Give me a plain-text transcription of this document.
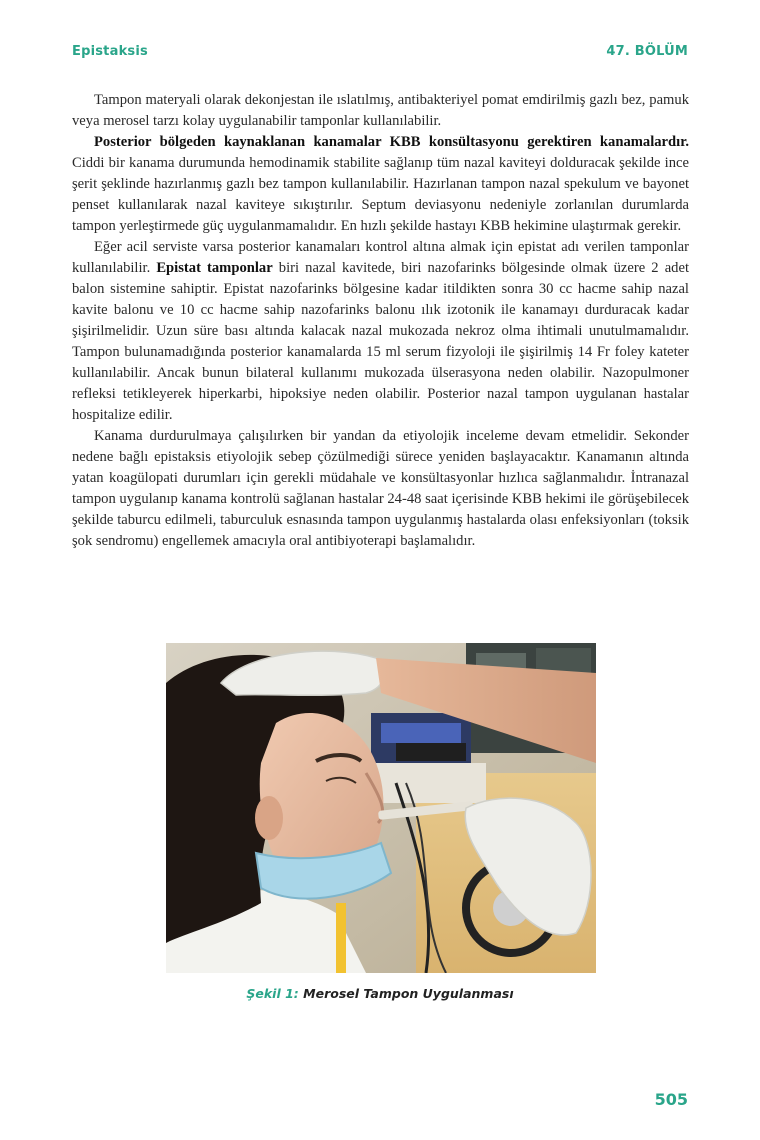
Epistaksis	47. BÖLÜM

Tampon materyali olarak dekonjestan ile ıslatılmış, antibakteriyel pomat emdirilmiş gazlı bez, pamuk veya merosel tarzı kolay uygulanabilir tamponlar kullanılabilir.

Posterior bölgeden kaynaklanan kanamalar KBB konsültasyonu gerektiren kanamalardır. Ciddi bir kanama durumunda hemodinamik stabilite sağlanıp tüm nazal kaviteyi dolduracak şekilde ince şerit şeklinde hazırlanmış gazlı bez tampon kullanılabilir. Hazırlanan tampon nazal spekulum ve bayonet penset kullanılarak nazal kaviteye sıkıştırılır. Septum deviasyonu nedeniyle zorlanılan durumlarda tampon yerleştirmede güç uygulanmamalıdır. En hızlı şekilde hastayı KBB hekimine ulaştırmak gerekir.

Eğer acil serviste varsa posterior kanamaları kontrol altına almak için epistat adı verilen tamponlar kullanılabilir. Epistat tamponlar biri nazal kavitede, biri nazofarinks bölgesinde olmak üzere 2 adet balon sistemine sahiptir. Epistat nazofarinks bölgesine kadar itildikten sonra 30 cc hacme sahip nazal kavite balonu ve 10 cc hacme sahip nazofarinks balonu ılık izotonik ile kanamayı durduracak kadar şişirilmelidir. Uzun süre bası altında kalacak nazal mukozada nekroz olma ihtimali unutulmamalıdır. Tampon bulunamadığında posterior kanamalarda 15 ml serum fizyoloji ile şişirilmiş 14 Fr foley kateter kullanılabilir. Ancak bunun bilateral kullanımı mukozada ülserasyona neden olabilir. Nazopulmoner refleksi tetikleyerek hiperkarbi, hipoksiye neden olabilir. Posterior nazal tampon uygulanan hastalar hospitalize edilir.

Kanama durdurulmaya çalışılırken bir yandan da etiyolojik inceleme devam etmelidir. Sekonder nedene bağlı epistaksis etiyolojik sebep çözülmediği sürece yeniden başlayacaktır. Kanamanın altında yatan koagülopati durumları için gerekli müdahale ve konsültasyonlar hızlıca sağlanmalıdır. İntranazal tampon uygulanıp kanama kontrolü sağlanan hastalar 24-48 saat içerisinde KBB hekimi ile görüşebilecek şekilde taburcu edilmeli, taburculuk esnasında tampon uygulanmış hastalarda olası enfeksiyonları (toksik şok sendromu) engellemek amacıyla oral antibiyoterapi başlamalıdır.

Şekil 1: Merosel Tampon Uygulanması
505
